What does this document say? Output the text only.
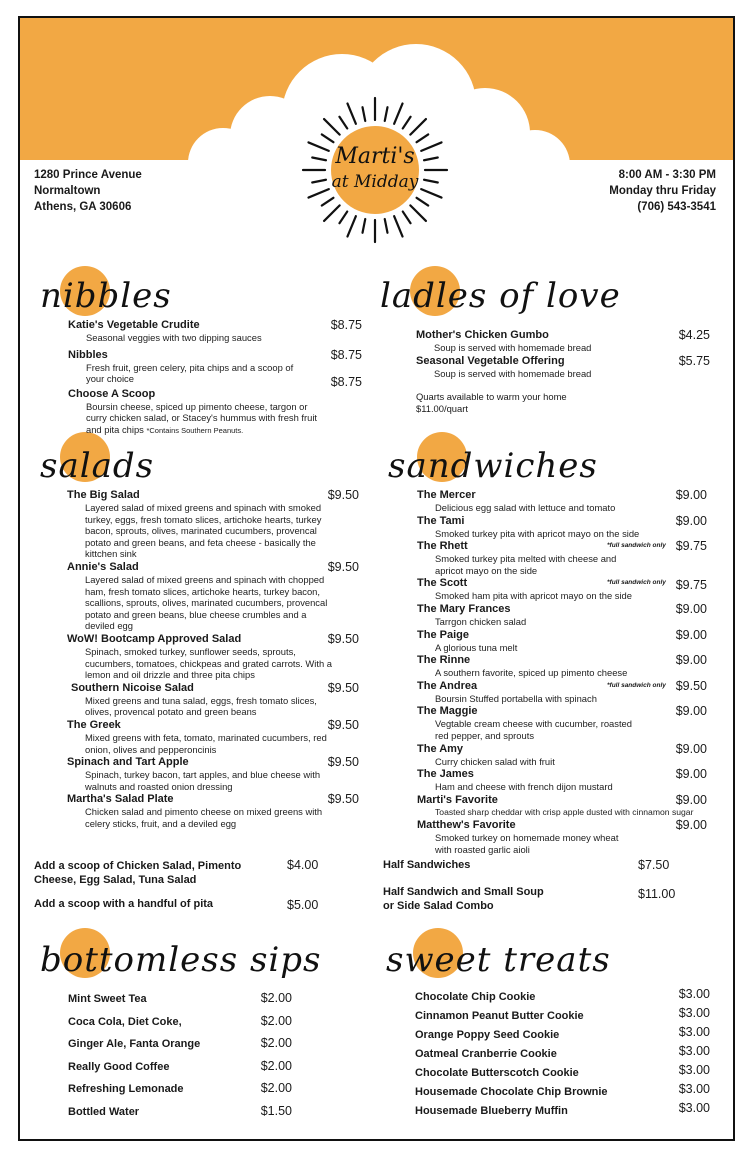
Marti's
at Midday
1280 Prince Avenue
Normaltown
Athens, GA 30606
8:00 AM - 3:30 PM
Monday thru Friday
(706) 543-3541
nibbles	ladles of love
salads	sandwiches
bottomless sips sweet treats
Katie's Vegetable Crudite
Seasonal veggies with two dipping sauces
$8.75
Nibbles
Fresh fruit, green celery, pita chips and a scoop of your choice
$8.75
Choose A Scoop
Boursin cheese, spiced up pimento cheese, targon or curry chicken salad, or Stacey's hummus with fresh fruit and pita chips *Contains Southern Peanuts.
$8.75
Mother's Chicken Gumbo
Soup is served with homemade bread
$4.25
Seasonal Vegetable Offering
Soup is served with homemade bread
$5.75
Quarts available to warm your home
$11.00/quart
The Big Salad
Layered salad of mixed greens and spinach with smoked turkey, eggs, fresh tomato slices, artichoke hearts, turkey bacon, sprouts, olives, marinated cucumbers, provencal potato and green beans, and feta cheese - basically the kittchen sink
$9.50
Annie's Salad
Layered salad of mixed greens and spinach with chopped ham, fresh tomato slices, artichoke hearts, turkey bacon, scallions, sprouts, olives, marinated cucumbers, provencal potato and green beans, blue cheese crumbles and a deviled egg
$9.50
WoW! Bootcamp Approved Salad
Spinach, smoked turkey, sunflower seeds, sprouts, cucumbers, tomatoes, chickpeas and grated carrots. With a lemon and oil drizzle and three pita chips
$9.50
Southern Nicoise Salad
Mixed greens and tuna salad, eggs, fresh tomato slices, olives, provencal potato and green beans
$9.50
The Greek
Mixed greens with feta, tomato, marinated cucumbers, red onion, olives and pepperoncinis
$9.50
Spinach and Tart Apple
Spinach, turkey bacon, tart apples, and blue cheese with walnuts and roasted onion dressing
$9.50
Martha's Salad Plate
Chicken salad and pimento cheese on mixed greens with celery sticks, fruit, and a deviled egg
$9.50
The Mercer
Delicious egg salad with lettuce and tomato
$9.00
The Tami
Smoked turkey pita with apricot mayo on the side
$9.00
The Rhett
Smoked turkey pita melted with cheese and apricot mayo on the side
*full sandwich only $9.75
The Scott
Smoked ham pita with apricot mayo on the side
*full sandwich only $9.75
The Mary Frances
Tarrgon chicken salad
$9.00
The Paige
A glorious tuna melt
$9.00
The Rinne
A southern favorite, spiced up pimento cheese
$9.00
The Andrea
Boursin Stuffed portabella with spinach
*full sandwich only $9.50
The Maggie
Vegtable cream cheese with cucumber, roasted red pepper, and sprouts
$9.00
The Amy
Curry chicken salad with fruit
$9.00
The James
Ham and cheese with french dijon mustard
$9.00
Marti's Favorite
Toasted sharp cheddar with crisp apple dusted with cinnamon sugar
$9.00
Matthew's Favorite
Smoked turkey on homemade money wheat with roasted garlic aioli
$9.00
Add a scoop of Chicken Salad, Pimento Cheese, Egg Salad, Tuna Salad
$4.00
Add a scoop with a handful of pita	$5.00
Half Sandwiches	$7.50
Half Sandwich and Small Soup or Side Salad Combo
$11.00
Mint Sweet Tea	$2.00
Coca Cola, Diet Coke,	$2.00
Ginger Ale, Fanta Orange	$2.00
Really Good Coffee	$2.00
Refreshing Lemonade	$2.00
Bottled Water	$1.50
Chocolate Chip Cookie	$3.00
Cinnamon Peanut Butter Cookie	$3.00
Orange Poppy Seed Cookie	$3.00
Oatmeal Cranberrie Cookie	$3.00
Chocolate Butterscotch Cookie	$3.00
Housemade Chocolate Chip Brownie	$3.00
Housemade Blueberry Muffin	$3.00
